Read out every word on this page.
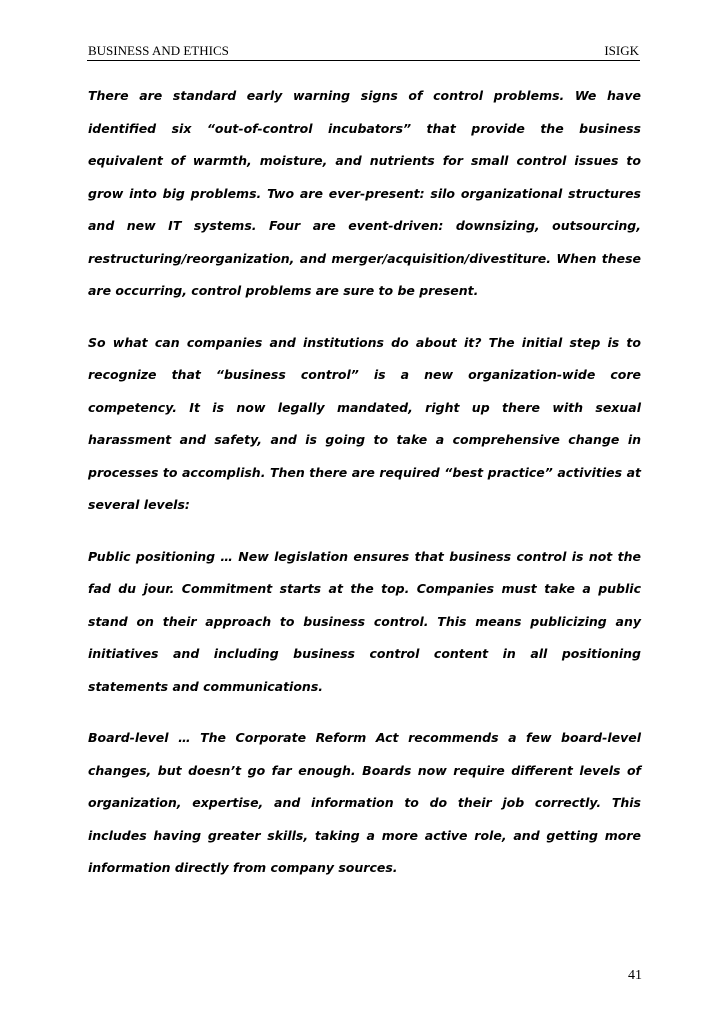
BUSINESS AND ETHICS	ISIGK

There are standard early warning signs of control problems. We have identified six “out-of-control incubators” that provide the business equivalent of warmth, moisture, and nutrients for small control issues to grow into big problems. Two are ever-present: silo organizational structures and new IT systems. Four are event-driven: downsizing, outsourcing, restructuring/reorganization, and merger/acquisition/divestiture. When these are occurring, control problems are sure to be present.

So what can companies and institutions do about it? The initial step is to recognize that “business control” is a new organization-wide core competency. It is now legally mandated, right up there with sexual harassment and safety, and is going to take a comprehensive change in processes to accomplish. Then there are required “best practice” activities at several levels:

Public positioning … New legislation ensures that business control is not the fad du jour. Commitment starts at the top. Companies must take a public stand on their approach to business control. This means publicizing any initiatives and including business control content in all positioning statements and communications.

Board-level … The Corporate Reform Act recommends a few board-level changes, but doesn’t go far enough. Boards now require different levels of organization, expertise, and information to do their job correctly. This includes having greater skills, taking a more active role, and getting more information directly from company sources.

41
